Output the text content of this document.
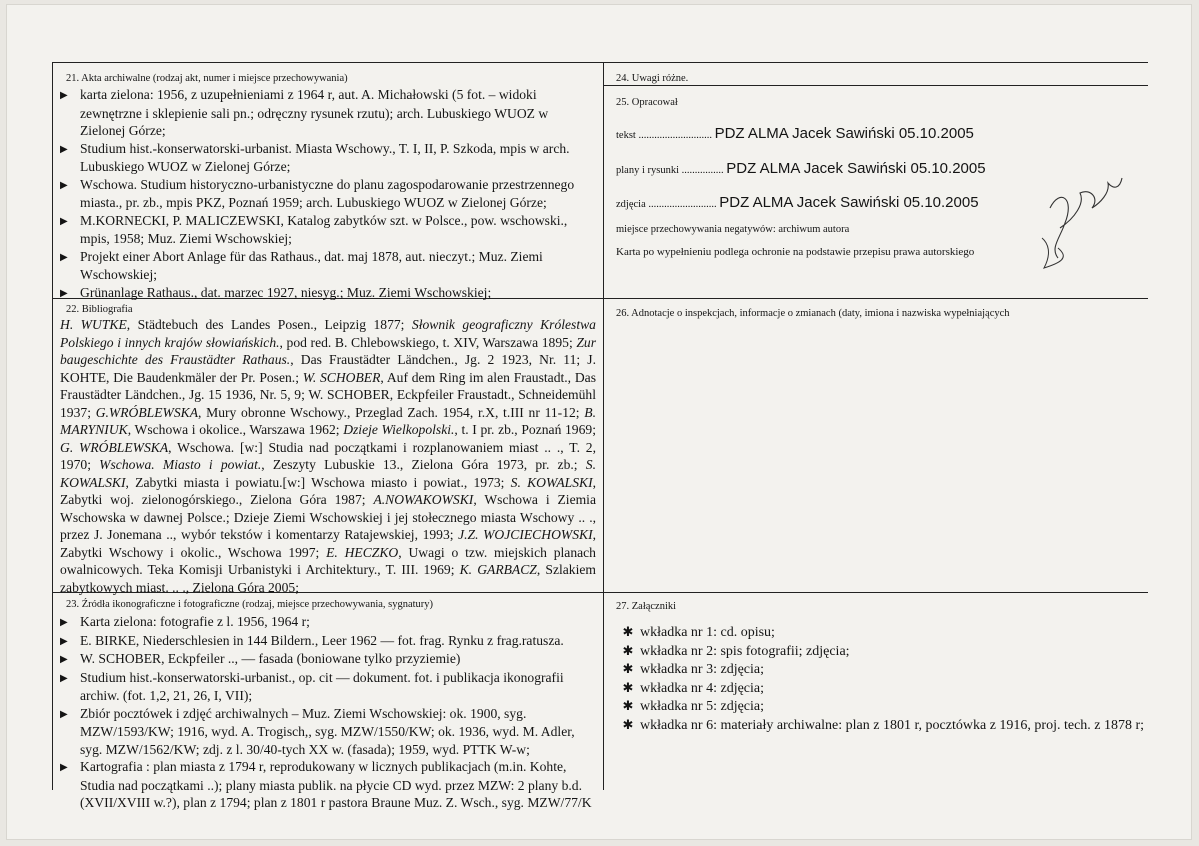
21. Akta archiwalne (rodzaj akt, numer i miejsce przechowywania)

▶ karta zielona: 1956, z uzupełnieniami z 1964 r, aut. A. Michałowski (5 fot. – widoki zewnętrzne i sklepienie sali pn.; odręczny rysunek rzutu); arch. Lubuskiego WUOZ w Zielonej Górze;

▶ Studium hist.-konserwatorski-urbanist. Miasta Wschowy., T. I, II, P. Szkoda, mpis w arch. Lubuskiego WUOZ w Zielonej Górze;

▶ Wschowa. Studium historyczno-urbanistyczne do planu zagospodarowanie przestrzennego miasta., pr. zb., mpis PKZ, Poznań 1959; arch. Lubuskiego WUOZ w Zielonej Górze;

▶ M.KORNECKI, P. MALICZEWSKI, Katalog zabytków szt. w Polsce., pow. wschowski., mpis, 1958; Muz. Ziemi Wschowskiej;

▶ Projekt einer Abort Anlage für das Rathaus., dat. maj 1878, aut. nieczyt.; Muz. Ziemi Wschowskiej;

▶ Grünanlage Rathaus., dat. marzec 1927, niesyg.; Muz. Ziemi Wschowskiej;

22. Bibliografia

H. WUTKE, Städtebuch des Landes Posen., Leipzig 1877; Słownik geograficzny Królestwa Polskiego i innych krajów słowiańskich., pod red. B. Chlebowskiego, t. XIV, Warszawa 1895; Zur baugeschichte des Fraustädter Rathaus., Das Fraustädter Ländchen., Jg. 2 1923, Nr. 11; J. KOHTE, Die Baudenkmäler der Pr. Posen.; W. SCHOBER, Auf dem Ring im alen Fraustadt., Das Fraustädter Ländchen., Jg. 15 1936, Nr. 5, 9; W. SCHOBER, Eckpfeiler Fraustadt., Schneidemühl 1937; G.WRÓBLEWSKA, Mury obronne Wschowy., Przeglad Zach. 1954, r.X, t.III nr 11-12; B. MARYNIUK, Wschowa i okolice., Warszawa 1962; Dzieje Wielkopolski., t. I pr. zb., Poznań 1969; G. WRÓBLEWSKA, Wschowa. [w:] Studia nad początkami i rozplanowaniem miast .. ., T. 2, 1970; Wschowa. Miasto i powiat., Zeszyty Lubuskie 13., Zielona Góra 1973, pr. zb.; S. KOWALSKI, Zabytki miasta i powiatu.[w:] Wschowa miasto i powiat., 1973; S. KOWALSKI, Zabytki woj. zielonogórskiego., Zielona Góra 1987; A.NOWAKOWSKI, Wschowa i Ziemia Wschowska w dawnej Polsce.; Dzieje Ziemi Wschowskiej i jej stołecznego miasta Wschowy .. ., przez J. Jonemana .., wybór tekstów i komentarzy Ratajewskiej, 1993; J.Z. WOJCIECHOWSKI, Zabytki Wschowy i okolic., Wschowa 1997; E. HECZKO, Uwagi o tzw. miejskich planach owalnicowych. Teka Komisji Urbanistyki i Architektury., T. III. 1969; K. GARBACZ, Szlakiem zabytkowych miast. .. ., Zielona Góra 2005;

23. Źródła ikonograficzne i fotograficzne (rodzaj, miejsce przechowywania, sygnatury)

▶ Karta zielona: fotografie z l. 1956, 1964 r;

▶ E. BIRKE, Niederschlesien in 144 Bildern., Leer 1962 — fot. frag. Rynku z frag.ratusza.

▶ W. SCHOBER, Eckpfeiler .., — fasada (boniowane tylko przyziemie)

▶ Studium hist.-konserwatorski-urbanist., op. cit — dokument. fot. i publikacja ikonografii archiw. (fot. 1,2, 21, 26, I, VII);

▶ Zbiór pocztówek i zdjęć archiwalnych – Muz. Ziemi Wschowskiej: ok. 1900, syg. MZW/1593/KW; 1916, wyd. A. Trogisch,, syg. MZW/1550/KW; ok. 1936, wyd. M. Adler, syg. MZW/1562/KW; zdj. z l. 30/40-tych XX w. (fasada); 1959, wyd. PTTK W-w;

▶ Kartografia : plan miasta z 1794 r, reprodukowany w licznych publikacjach (m.in. Kohte, Studia nad początkami ..); plany miasta publik. na płycie CD wyd. przez MZW: 2 plany b.d. (XVII/XVIII w.?), plan z 1794; plan z 1801 r pastora Braune Muz. Z. Wsch., syg. MZW/77/K

24. Uwagi różne.
25. Opracował
tekst ............................ PDZ ALMA Jacek Sawiński 05.10.2005
plany i rysunki ................ PDZ ALMA Jacek Sawiński 05.10.2005
zdjęcia .......................... PDZ ALMA Jacek Sawiński 05.10.2005
miejsce przechowywania negatywów: archiwum autora
Karta po wypełnieniu podlega ochronie na podstawie przepisu prawa autorskiego
26. Adnotacje o inspekcjach, informacje o zmianach (daty, imiona i nazwiska wypełniających
27. Załączniki

✱ wkładka nr 1: cd. opisu;

✱ wkładka nr 2: spis fotografii; zdjęcia;

✱ wkładka nr 3: zdjęcia;

✱ wkładka nr 4: zdjęcia;

✱ wkładka nr 5: zdjęcia;

✱ wkładka nr 6: materiały archiwalne: plan z 1801 r, pocztówka z 1916, proj. tech. z 1878 r;
